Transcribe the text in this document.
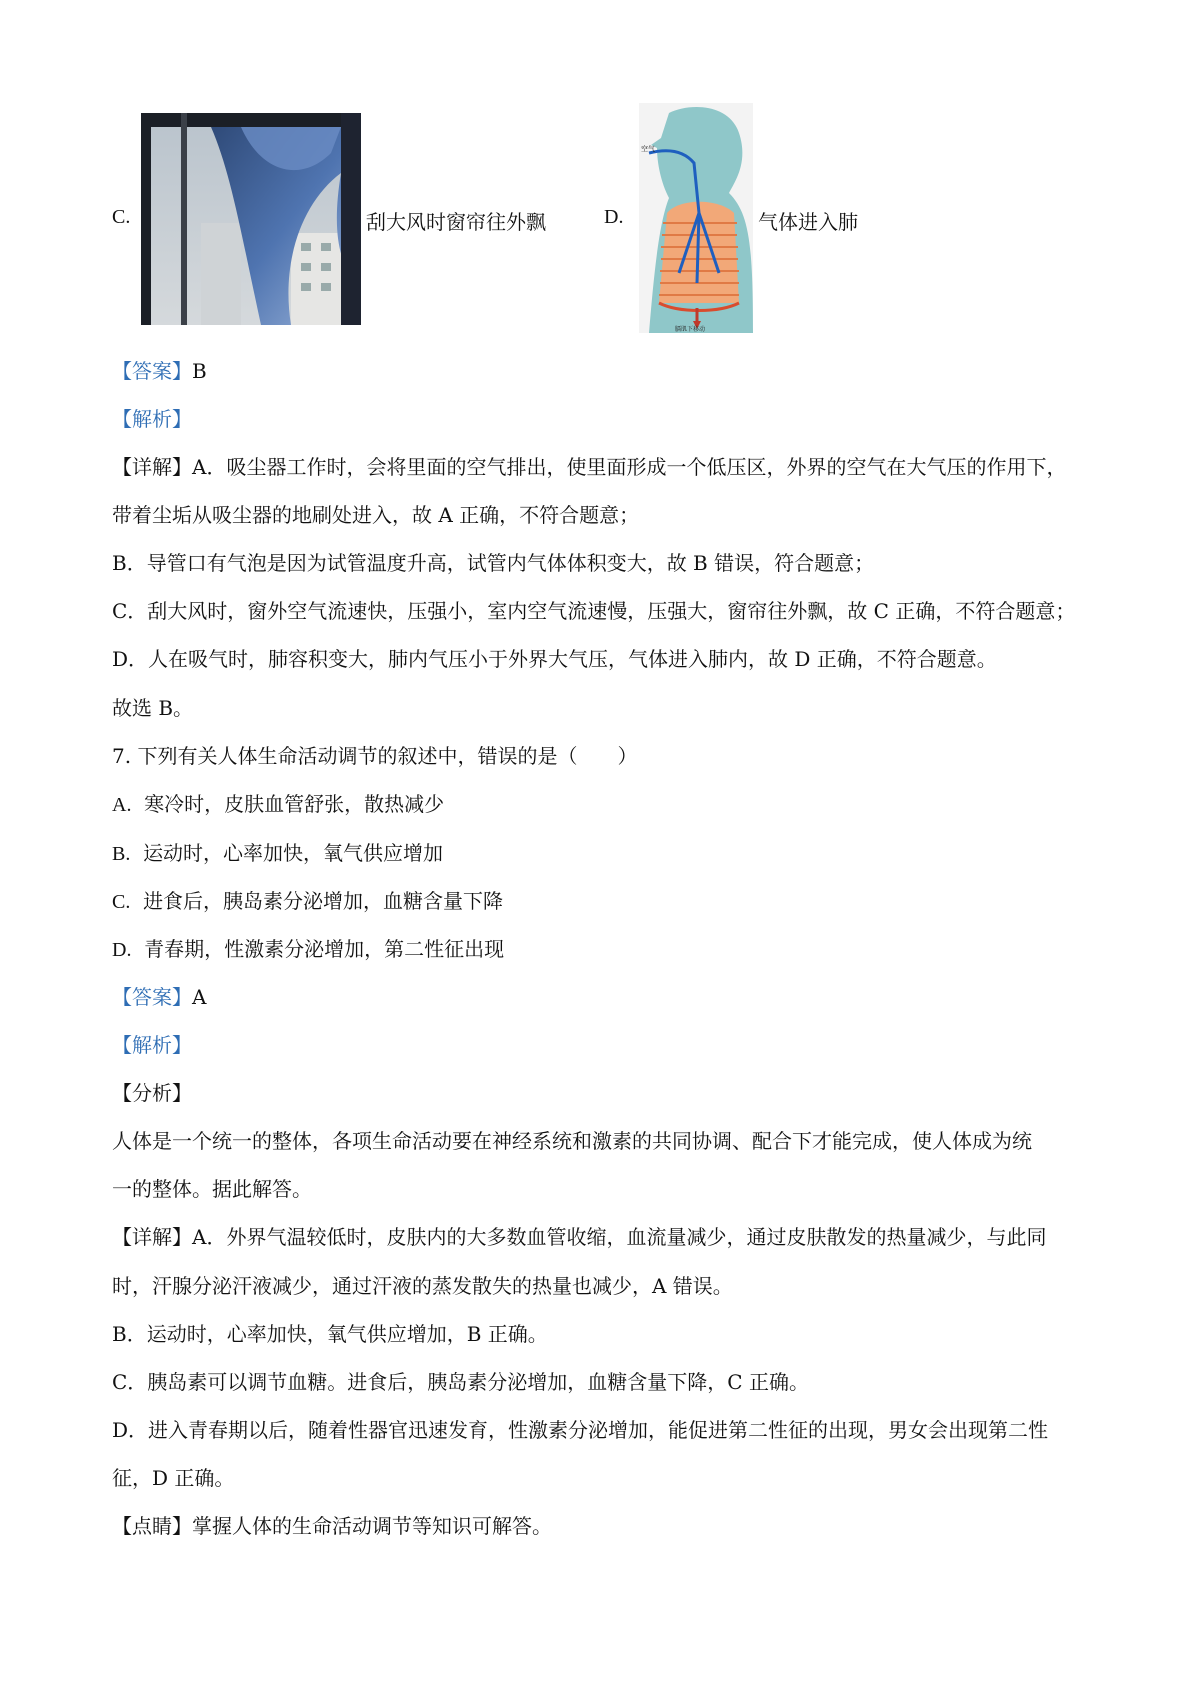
C.	刮大风时窗帘往外飘	D.
空气
膈肌下移动
气体进入肺
【答案】B
【解析】
【详解】A．吸尘器工作时，会将里面的空气排出，使里面形成一个低压区，外界的空气在大气压的作用下，
带着尘垢从吸尘器的地刷处进入，故 A 正确，不符合题意；
B．导管口有气泡是因为试管温度升高，试管内气体体积变大，故 B 错误，符合题意；
C．刮大风时，窗外空气流速快，压强小，室内空气流速慢，压强大，窗帘往外飘，故 C 正确，不符合题意；
D．人在吸气时，肺容积变大，肺内气压小于外界大气压，气体进入肺内，故 D 正确，不符合题意。
故选 B。
7. 下列有关人体生命活动调节的叙述中，错误的是（　　）
A. 寒冷时，皮肤血管舒张，散热减少
B. 运动时，心率加快，氧气供应增加
C. 进食后，胰岛素分泌增加，血糖含量下降
D. 青春期，性激素分泌增加，第二性征出现
【答案】A
【解析】
【分析】
人体是一个统一的整体，各项生命活动要在神经系统和激素的共同协调、配合下才能完成，使人体成为统
一的整体。据此解答。
【详解】A．外界气温较低时，皮肤内的大多数血管收缩，血流量减少，通过皮肤散发的热量减少，与此同
时，汗腺分泌汗液减少，通过汗液的蒸发散失的热量也减少，A 错误。
B．运动时，心率加快，氧气供应增加，B 正确。
C．胰岛素可以调节血糖。进食后，胰岛素分泌增加，血糖含量下降，C 正确。
D．进入青春期以后，随着性器官迅速发育，性激素分泌增加，能促进第二性征的出现，男女会出现第二性
征，D 正确。
【点睛】掌握人体的生命活动调节等知识可解答。
